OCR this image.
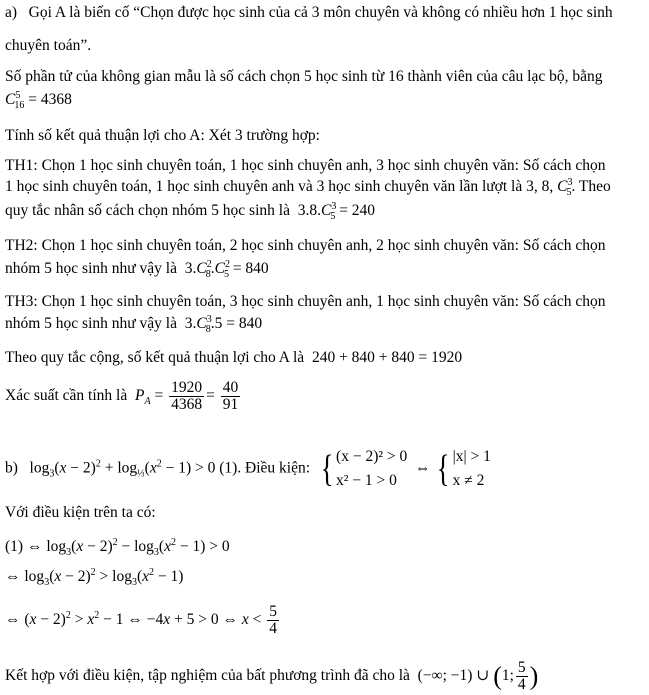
a)   Gọi A là biến cố “Chọn được học sinh của cả 3 môn chuyên và không có nhiều hơn 1 học sinh
chuyên toán”.
Số phần tử của không gian mẫu là số cách chọn 5 học sinh từ 16 thành viên của câu lạc bộ, bằng
$C^5_{16} = 4368$
Tính số kết quả thuận lợi cho A: Xét 3 trường hợp:
TH1: Chọn 1 học sinh chuyên toán, 1 học sinh chuyên anh, 3 học sinh chuyên văn: Số cách chọn
1 học sinh chuyên toán, 1 học sinh chuyên anh và 3 học sinh chuyên văn lần lượt là 3, 8, $C^3_5$. Theo
quy tắc nhân số cách chọn nhóm 5 học sinh là  $3.8.C^3_5 = 240$
TH2: Chọn 1 học sinh chuyên toán, 2 học sinh chuyên anh, 2 học sinh chuyên văn: Số cách chọn
nhóm 5 học sinh như vậy là  $3.C^2_8.C^2_5 = 840$
TH3: Chọn 1 học sinh chuyên toán, 3 học sinh chuyên anh, 1 học sinh chuyên văn: Số cách chọn
nhóm 5 học sinh như vậy là  $3.C^3_8.5 = 840$
Theo quy tắc cộng, số kết quả thuận lợi cho A là 240 + 840 + 840 = 1920
Xác suất cần tính là $P_A = \frac{1920}{4368} = \frac{40}{91}$
b)   $\log_3(x - 2)^2 + \log_{\frac{1}{3}}(x^2 - 1) > 0$ (1). Điều kiện: { (x − 2)² > 0
x² − 1 > 0  ⇔ { |x| > 1
x ≠ 2
Với điều kiện trên ta có:
(1) ⇔ $\log_3(x - 2)^2 - \log_3(x^2 - 1) > 0$
⇔ $\log_3(x - 2)^2 > \log_3(x^2 - 1)$
⇔ $(x - 2)^2 > x^2 - 1$ ⇔ −4x + 5 > 0 ⇔ $x < \frac{5}{4}$
Kết hợp với điều kiện, tập nghiệm của bất phương trình đã cho là (−∞; −1) ∪ (1; $\frac{5}{4}$ )
